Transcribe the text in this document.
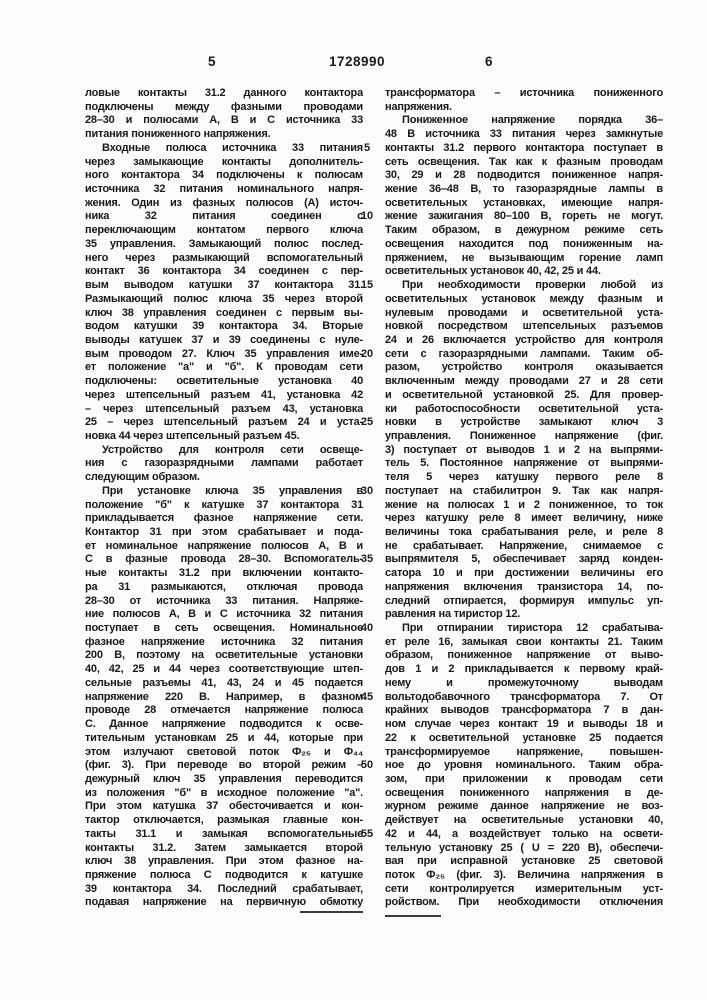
5	1728990	6
ловые контакты 31.2 данного контактора
подключены между фазными проводами
28–30 и полюсами А, В и С источника 33
питания пониженного напряжения.
Входные полюса источника 33 питания
через замыкающие контакты дополнитель-
ного контактора 34 подключены к полюсам
источника 32 питания номинального напря-
жения. Один из фазных полюсов (А) источ-
ника 32 питания соединен с
переключающим контатом первого ключа
35 управления. Замыкающий полюс послед-
него через размыкающий вспомогательный
контакт 36 контактора 34 соединен с пер-
вым выводом катушки 37 контактора 31.
Размыкающий полюс ключа 35 через второй
ключ 38 управления соединен с первым вы-
водом катушки 39 контактора 34. Вторые
выводы катушек 37 и 39 соединены с нуле-
вым проводом 27. Ключ 35 управления име-
ет положение "а" и "б". К проводам сети
подключены: осветительные установка 40
через штепсельный разъем 41, установка 42
– через штепсельный разъем 43, установка
25 – через штепсельный разъем 24 и уста-
новка 44 через штепсельный разъем 45.
Устройство для контроля сети освеще-
ния с газоразрядными лампами работает
следующим образом.
При установке ключа 35 управления в
положение "б" к катушке 37 контактора 31
прикладывается фазное напряжение сети.
Контактор 31 при этом срабатывает и пода-
ет номинальное напряжение полюсов А, В и
С в фазные провода 28–30. Вспомогатель-
ные контакты 31.2 при включении контакто-
ра 31 размыкаются, отключая провода
28–30 от источника 33 питания. Напряже-
ние полюсов А, В и С источника 32 питания
поступает в сеть освещения. Номинальное
фазное напряжение источника 32 питания
200 В, поэтому на осветительные установки
40, 42, 25 и 44 через соответствующие штеп-
сельные разъемы 41, 43, 24 и 45 подается
напряжение 220 В. Например, в фазном
проводе 28 отмечается напряжение полюса
С. Данное напряжение подводится к осве-
тительным установкам 25 и 44, которые при
этом излучают световой поток Ф₂₅ и Ф₄₄
(фиг. 3). При переводе во второй режим –
дежурный ключ 35 управления переводится
из положения "б" в исходное положение "а".
При этом катушка 37 обесточивается и кон-
тактор отключается, размыкая главные кон-
такты 31.1 и замыкая вспомогательные
контакты 31.2. Затем замыкается второй
ключ 38 управления. При этом фазное на-
пряжение полюса С подводится к катушке
39 контактора 34. Последний срабатывает,
подавая напряжение на первичную обмотку
5
10
15
20
25
30
35
40
45
50
55
трансформатора – источника пониженного
напряжения.
Пониженное напряжение порядка 36–
48 В источника 33 питания через замкнутые
контакты 31.2 первого контактора поступает в
сеть освещения. Так как к фазным проводам
30, 29 и 28 подводится пониженное напря-
жение 36–48 В, то газоразрядные лампы в
осветительных установках, имеющие напря-
жение зажигания 80–100 В, гореть не могут.
Таким образом, в дежурном режиме сеть
освещения находится под пониженным на-
пряжением, не вызывающим горение ламп
осветительных установок 40, 42, 25 и 44.
При необходимости проверки любой из
осветительных установок между фазным и
нулевым проводами и осветительной уста-
новкой посредством штепсельных разъемов
24 и 26 включается устройство для контроля
сети с газоразрядными лампами. Таким об-
разом, устройство контроля оказывается
включенным между проводами 27 и 28 сети
и осветительной установкой 25. Для провер-
ки работоспособности осветительной уста-
новки в устройстве замыкают ключ 3
управления. Пониженное напряжение (фиг.
3) поступает от выводов 1 и 2 на выпрями-
тель 5. Постоянное напряжение от выпрями-
теля 5 через катушку первого реле 8
поступает на стабилитрон 9. Так как напря-
жение на полюсах 1 и 2 пониженное, то ток
через катушку реле 8 имеет величину, ниже
величины тока срабатывания реле, и реле 8
не срабатывает. Напряжение, снимаемое с
выпрямителя 5, обеспечивает заряд конден-
сатора 10 и при достижении величины его
напряжения включения транзистора 14, по-
следний отпирается, формируя импульс уп-
равления на тиристор 12.
При отпирании тиристора 12 срабатыва-
ет реле 16, замыкая свои контакты 21. Таким
образом, пониженное напряжение от выво-
дов 1 и 2 прикладывается к первому край-
нему и промежуточному выводам
вольтодобавочного трансформатора 7. От
крайних выводов трансформатора 7 в дан-
ном случае через контакт 19 и выводы 18 и
22 к осветительной установке 25 подается
трансформируемое напряжение, повышен-
ное до уровня номинального. Таким обра-
зом, при приложении к проводам сети
освещения пониженного напряжения в де-
журном режиме данное напряжение не воз-
действует на осветительные установки 40,
42 и 44, а воздействует только на освети-
тельную установку 25 ( U = 220 В), обеспечи-
вая при исправной установке 25 световой
поток Ф₂₅ (фиг. 3). Величина напряжения в
сети контролируется измерительным уст-
ройством. При необходимости отключения
